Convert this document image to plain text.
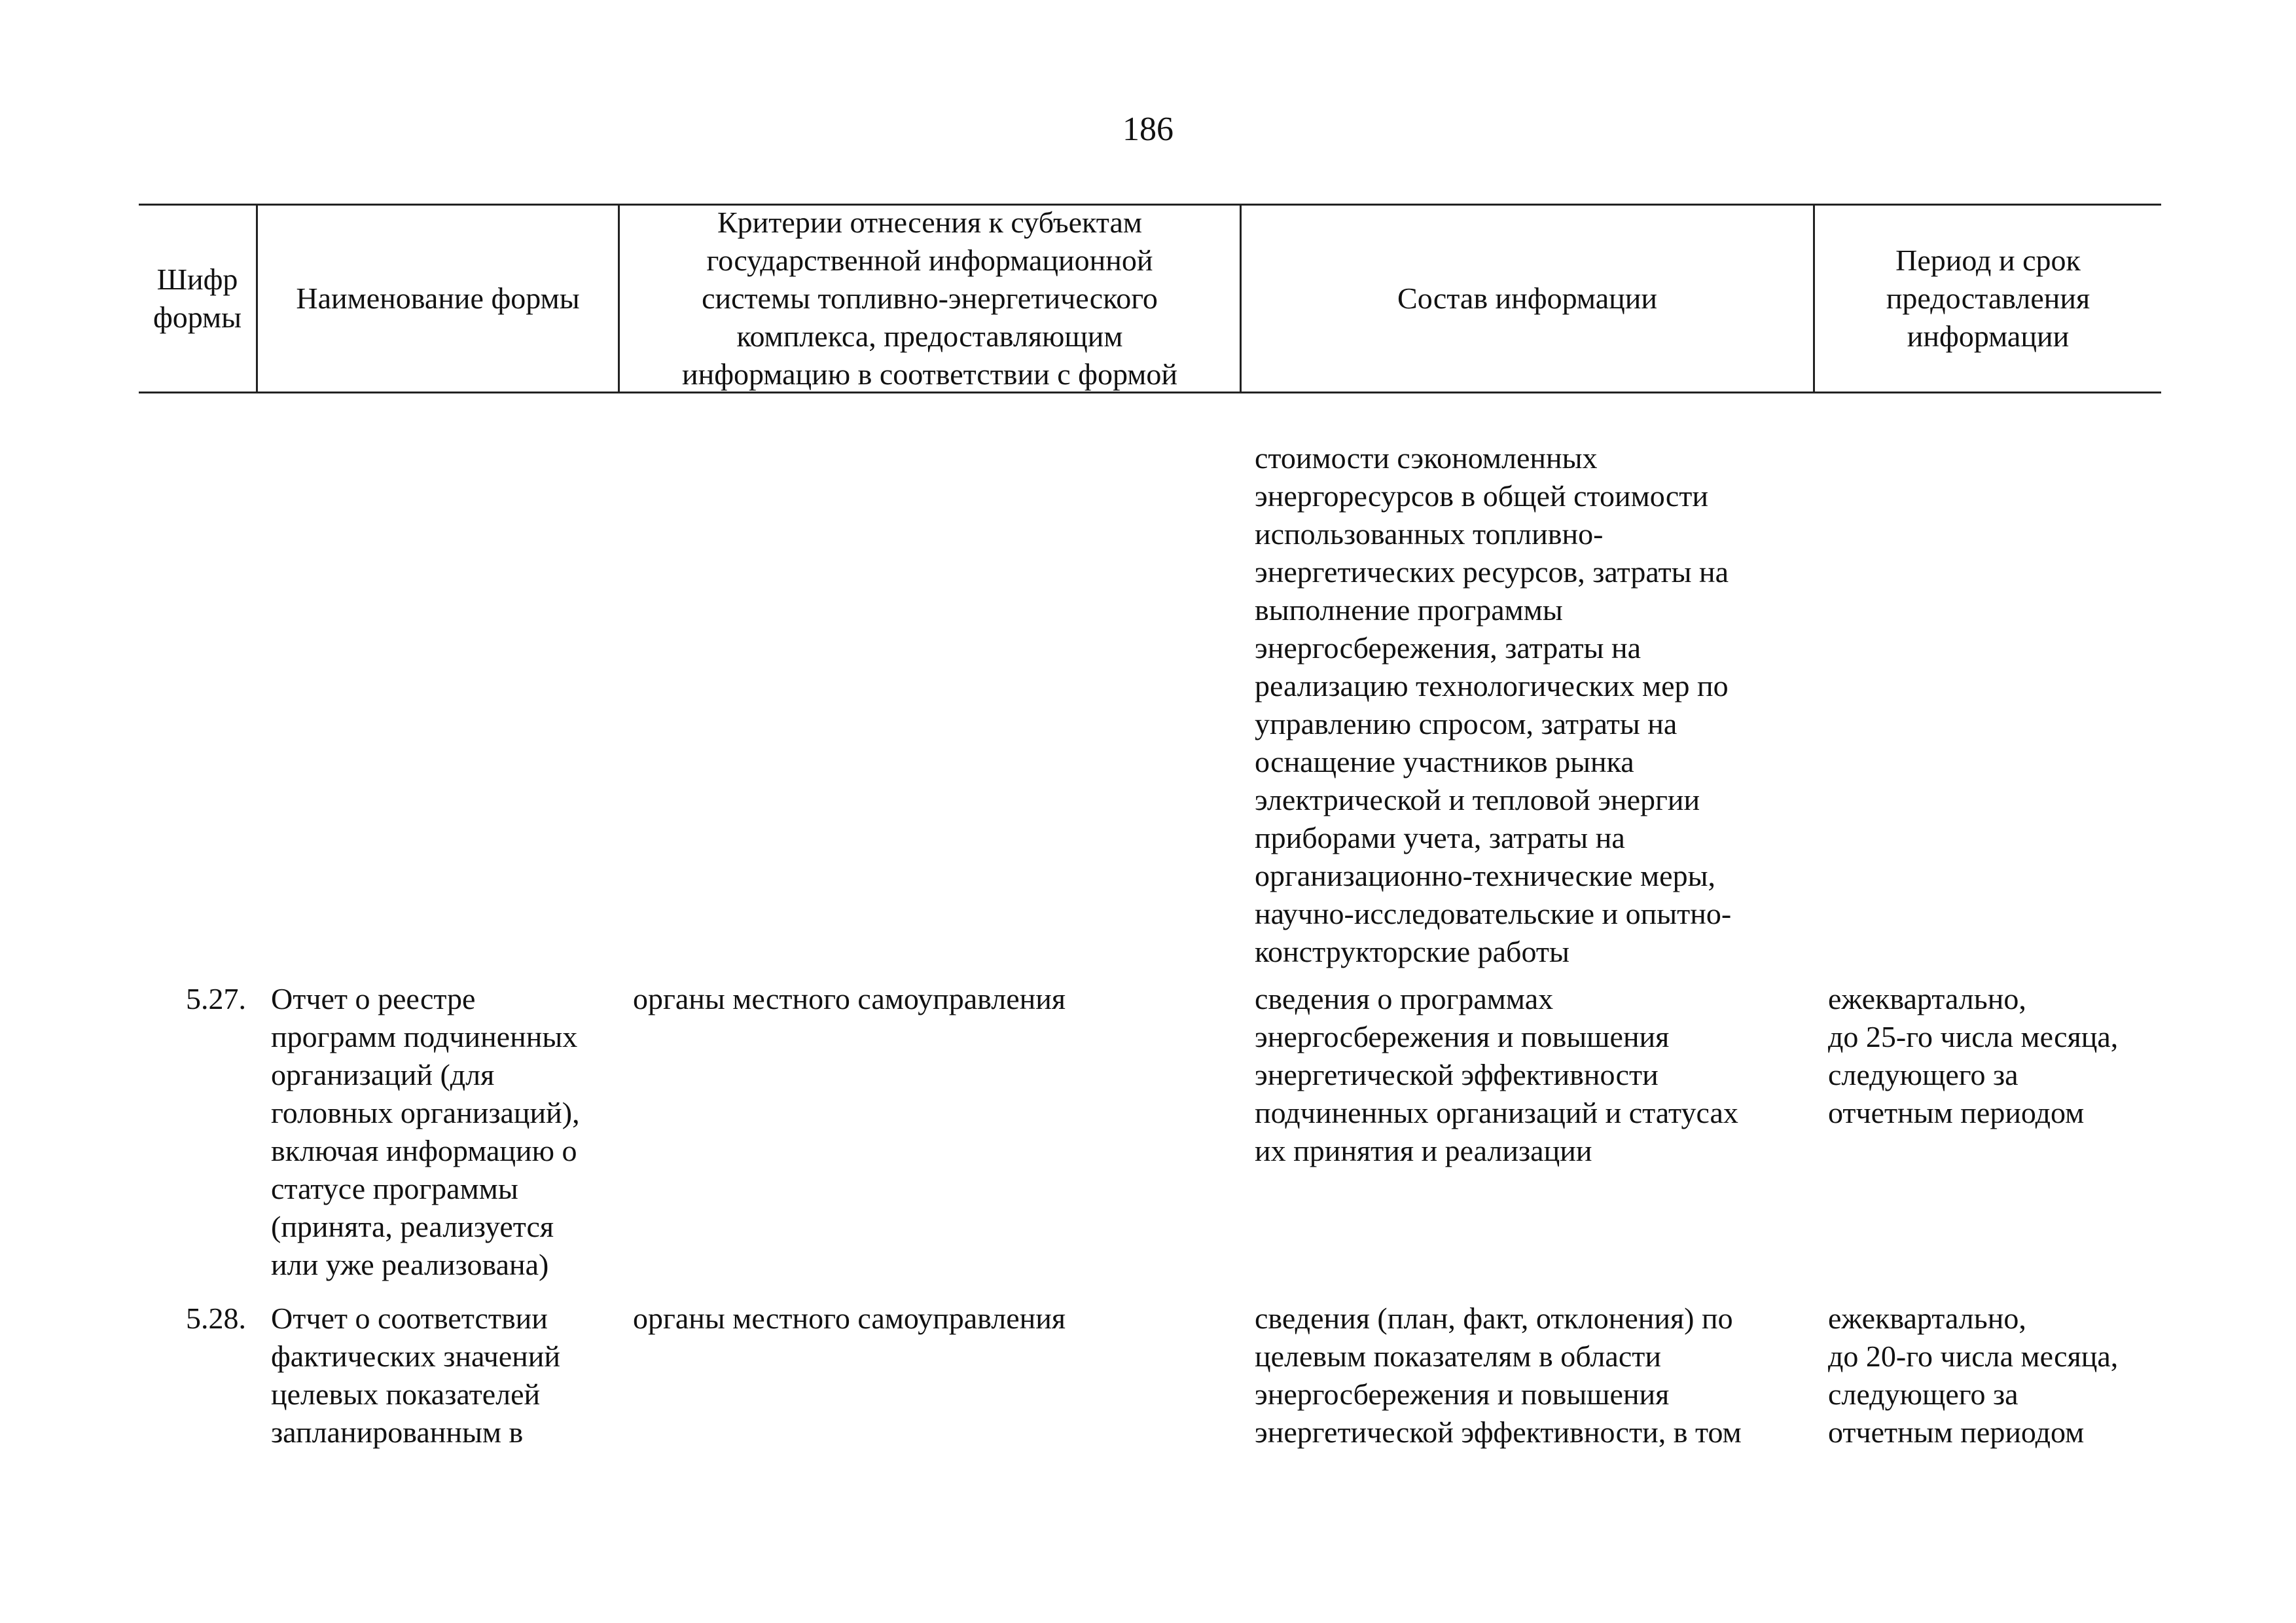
186
Шифр
формы
Наименование формы
Критерии отнесения к субъектам
государственной информационной
системы топливно-энергетического
комплекса, предоставляющим
информацию в соответствии с формой
Состав информации
Период и срок
предоставления
информации
стоимости сэкономленных
энергоресурсов в общей стоимости
использованных топливно-
энергетических ресурсов, затраты на
выполнение программы
энергосбережения, затраты на
реализацию технологических мер по
управлению спросом, затраты на
оснащение участников рынка
электрической и тепловой энергии
приборами учета, затраты на
организационно-технические меры,
научно-исследовательские и опытно-
конструкторские работы
5.27. Отчет о реестре
программ подчиненных
организаций (для
головных организаций),
включая информацию о
статусе программы
(принята, реализуется
или уже реализована)
органы местного самоуправления	сведения о программах
энергосбережения и повышения
энергетической эффективности
подчиненных организаций и статусах
их принятия и реализации
ежеквартально,
до 25-го числа месяца,
следующего за
отчетным периодом
5.28. Отчет о соответствии
фактических значений
целевых показателей
запланированным в
органы местного самоуправления	сведения (план, факт, отклонения) по
целевым показателям в области
энергосбережения и повышения
энергетической эффективности, в том
ежеквартально,
до 20-го числа месяца,
следующего за
отчетным периодом
